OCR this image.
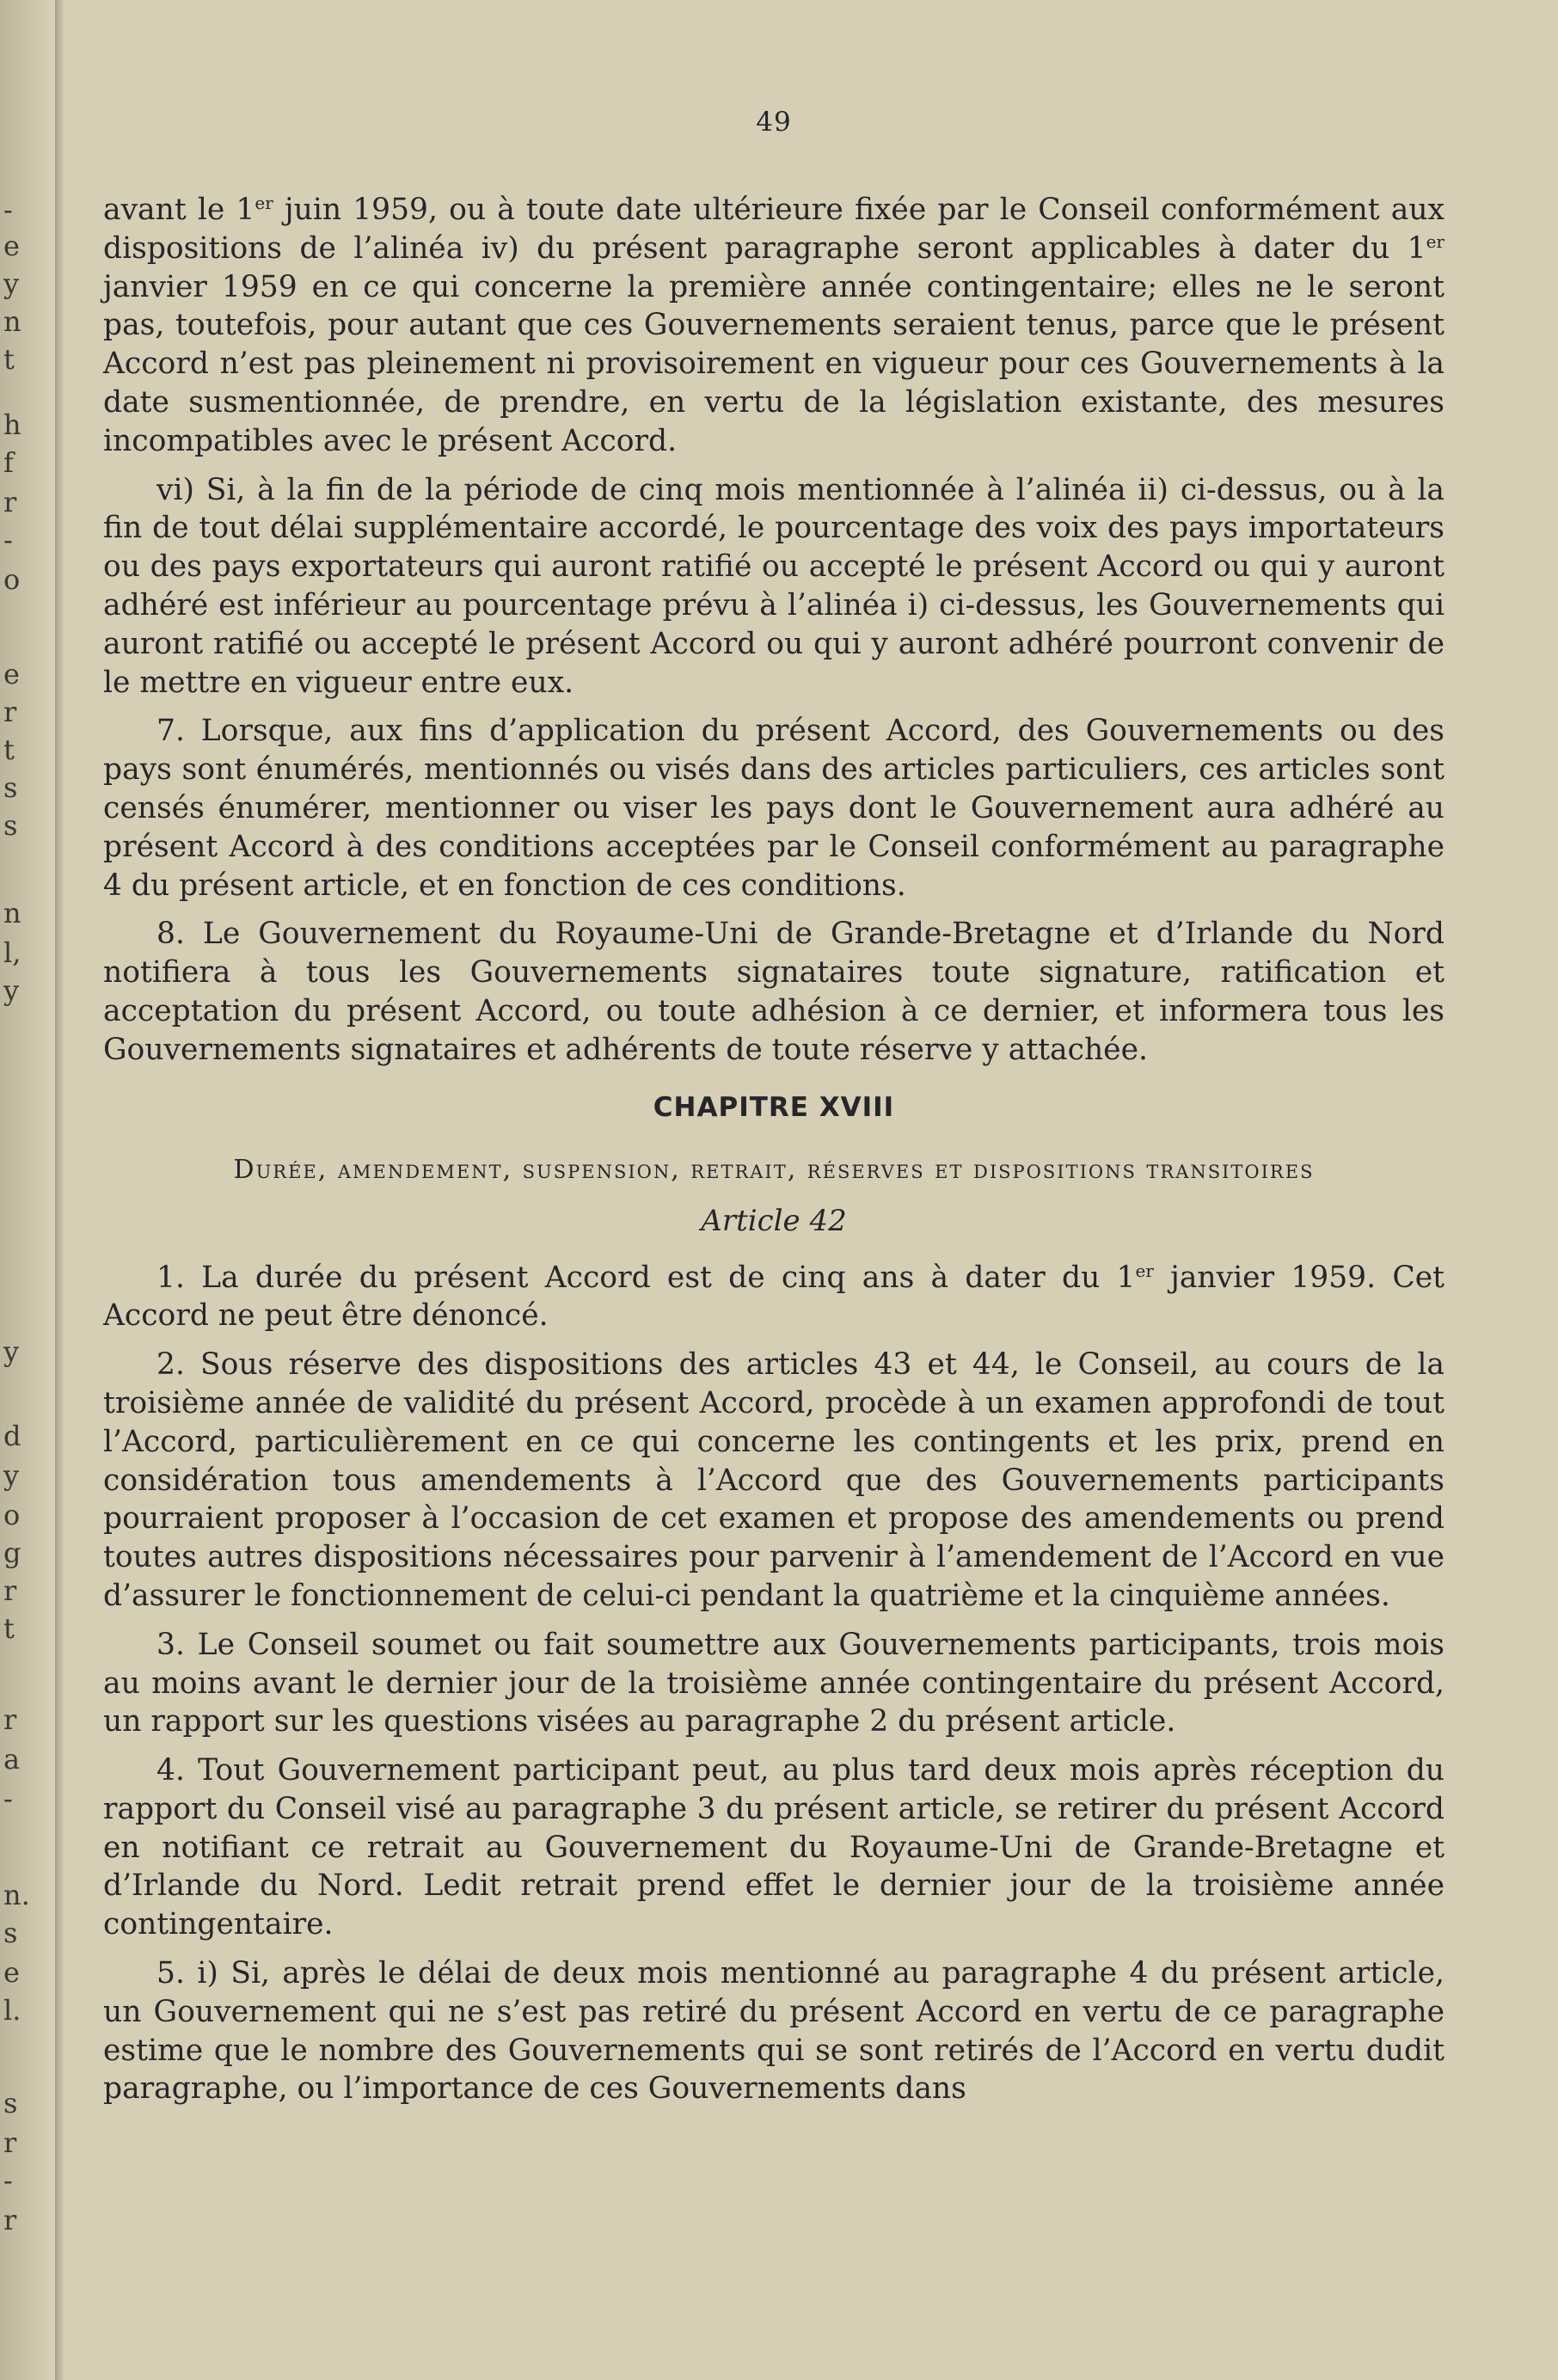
-
e
y
n
t
h
f
r
-
o
e
r
t
s
s
n
l,
y
y
d
y
o
g
r
t
r
a
-
n.
s
e
l.
s
r
-
r
49

avant le 1er juin 1959, ou à toute date ultérieure fixée par le Conseil conformément aux dispositions de l’alinéa iv) du présent paragraphe seront applicables à dater du 1er janvier 1959 en ce qui concerne la première année contingentaire; elles ne le seront pas, toutefois, pour autant que ces Gouvernements seraient tenus, parce que le présent Accord n’est pas pleinement ni provisoirement en vigueur pour ces Gouvernements à la date susmentionnée, de prendre, en vertu de la législation existante, des mesures incompatibles avec le présent Accord.

vi) Si, à la fin de la période de cinq mois mentionnée à l’alinéa ii) ci-dessus, ou à la fin de tout délai supplémentaire accordé, le pourcentage des voix des pays importateurs ou des pays exportateurs qui auront ratifié ou accepté le présent Accord ou qui y auront adhéré est inférieur au pourcentage prévu à l’alinéa i) ci-dessus, les Gouvernements qui auront ratifié ou accepté le présent Accord ou qui y auront adhéré pourront convenir de le mettre en vigueur entre eux.

7. Lorsque, aux fins d’application du présent Accord, des Gouvernements ou des pays sont énumérés, mentionnés ou visés dans des articles particuliers, ces articles sont censés énumérer, mentionner ou viser les pays dont le Gouvernement aura adhéré au présent Accord à des conditions acceptées par le Conseil conformément au paragraphe 4 du présent article, et en fonction de ces conditions.

8. Le Gouvernement du Royaume-Uni de Grande-Bretagne et d’Irlande du Nord notifiera à tous les Gouvernements signataires toute signature, ratification et acceptation du présent Accord, ou toute adhésion à ce dernier, et informera tous les Gouvernements signataires et adhérents de toute réserve y attachée.

CHAPITRE XVIII
Durée, amendement, suspension, retrait, réserves et dispositions transitoires
Article 42

1. La durée du présent Accord est de cinq ans à dater du 1er janvier 1959. Cet Accord ne peut être dénoncé.

2. Sous réserve des dispositions des articles 43 et 44, le Conseil, au cours de la troisième année de validité du présent Accord, procède à un examen approfondi de tout l’Accord, particulièrement en ce qui concerne les contingents et les prix, prend en considération tous amendements à l’Accord que des Gouvernements participants pourraient proposer à l’occasion de cet examen et propose des amendements ou prend toutes autres dispositions nécessaires pour parvenir à l’amendement de l’Accord en vue d’assurer le fonctionnement de celui-ci pendant la quatrième et la cinquième années.

3. Le Conseil soumet ou fait soumettre aux Gouvernements participants, trois mois au moins avant le dernier jour de la troisième année contingentaire du présent Accord, un rapport sur les questions visées au paragraphe 2 du présent article.

4. Tout Gouvernement participant peut, au plus tard deux mois après réception du rapport du Conseil visé au paragraphe 3 du présent article, se retirer du présent Accord en notifiant ce retrait au Gouvernement du Royaume-Uni de Grande-Bretagne et d’Irlande du Nord. Ledit retrait prend effet le dernier jour de la troisième année contingentaire.

5. i) Si, après le délai de deux mois mentionné au paragraphe 4 du présent article, un Gouvernement qui ne s’est pas retiré du présent Accord en vertu de ce paragraphe estime que le nombre des Gouvernements qui se sont retirés de l’Accord en vertu dudit paragraphe, ou l’importance de ces Gouvernements dans
